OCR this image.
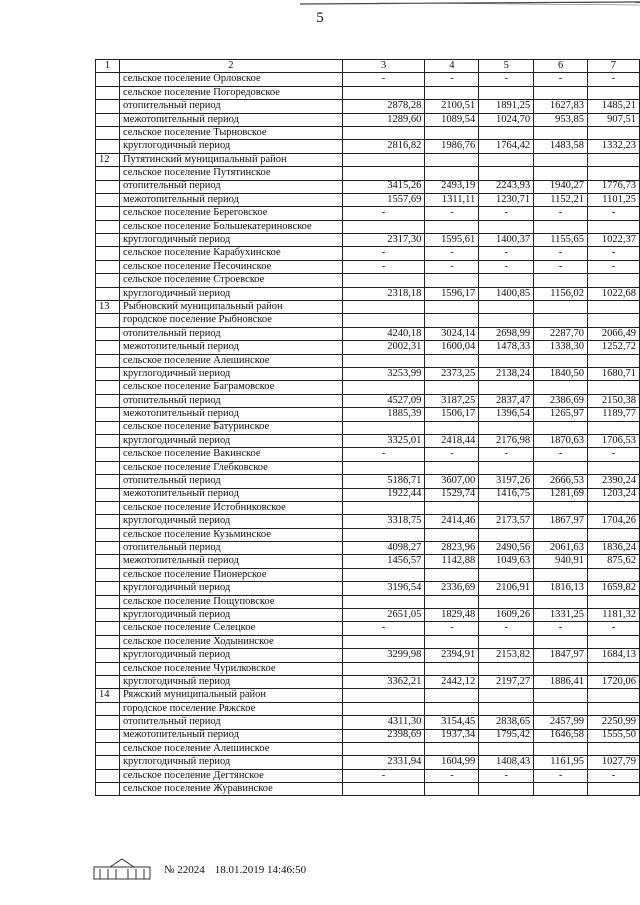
5
1	2	3	4	5	6	7
	сельское поселение Орловское	-	-	-	-	-
	сельское поселение Погоредовское					
	отопительный период	2878,28	2100,51	1891,25	1627,83	1485,21
	межотопительный период	1289,60	1089,54	1024,70	953,85	907,51
	сельское поселение Тырновское					
	круглогодичный период	2816,82	1986,76	1764,42	1483,58	1332,23
12	Путятинский муниципальный район					
	сельское поселение Путятинское					
	отопительный период	3415,26	2493,19	2243,93	1940,27	1776,73
	межотопительный период	1557,69	1311,11	1230,71	1152,21	1101,25
	сельское поселение Береговское	-	-	-	-	-
	сельское поселение Большекатериновское					
	круглогодичный период	2317,30	1595,61	1400,37	1155,65	1022,37
	сельское поселение Карабухинское	-	-	-	-	-
	сельское поселение Песочинское	-	-	-	-	-
	сельское поселение Строевское					
	круглогодичный период	2318,18	1596,17	1400,85	1156,02	1022,68
13	Рыбновский муниципальный район					
	городское поселение Рыбновское					
	отопительный период	4240,18	3024,14	2698,99	2287,70	2066,49
	межотопительный период	2002,31	1600,04	1478,33	1338,30	1252,72
	сельское поселение Алешинское					
	круглогодичный период	3253,99	2373,25	2138,24	1840,50	1680,71
	сельское поселение Баграмовское					
	отопительный период	4527,09	3187,25	2837,47	2386,69	2150,38
	межотопительный период	1885,39	1506,17	1396,54	1265,97	1189,77
	сельское поселение Батуринское					
	круглогодичный период	3325,01	2418,44	2176,98	1870,63	1706,53
	сельское поселение Вакинское	-	-	-	-	-
	сельское поселение Глебковское					
	отопительный период	5186,71	3607,00	3197,26	2666,53	2390,24
	межотопительный период	1922,44	1529,74	1416,75	1281,69	1203,24
	сельское поселение Истобниковское					
	круглогодичный период	3318,75	2414,46	2173,57	1867,97	1704,26
	сельское поселение Кузьминское					
	отопительный период	4098,27	2823,96	2490,56	2061,63	1836,24
	межотопительный период	1456,57	1142,88	1049,63	940,91	875,62
	сельское поселение Пионерское					
	круглогодичный период	3196,54	2336,69	2106,91	1816,13	1659,82
	сельское поселение Пощуповское					
	круглогодичный период	2651,05	1829,48	1609,26	1331,25	1181,32
	сельское поселение Селецкое	-	-	-	-	-
	сельское поселение Ходынинское					
	круглогодичный период	3299,98	2394,91	2153,82	1847,97	1684,13
	сельское поселение Чурилковское					
	круглогодичный период	3362,21	2442,12	2197,27	1886,41	1720,06
14	Ряжский муниципальный район					
	городское поселение Ряжское					
	отопительный период	4311,30	3154,45	2838,65	2457,99	2250,99
	межотопительный период	2398,69	1937,34	1795,42	1646,58	1555,50
	сельское поселение Алешинское					
	круглогодичный период	2331,94	1604,99	1408,43	1161,95	1027,79
	сельское поселение Дегтянское	-	-	-	-	-
	сельское поселение Журавинское					
№ 22024 18.01.2019 14:46:50
